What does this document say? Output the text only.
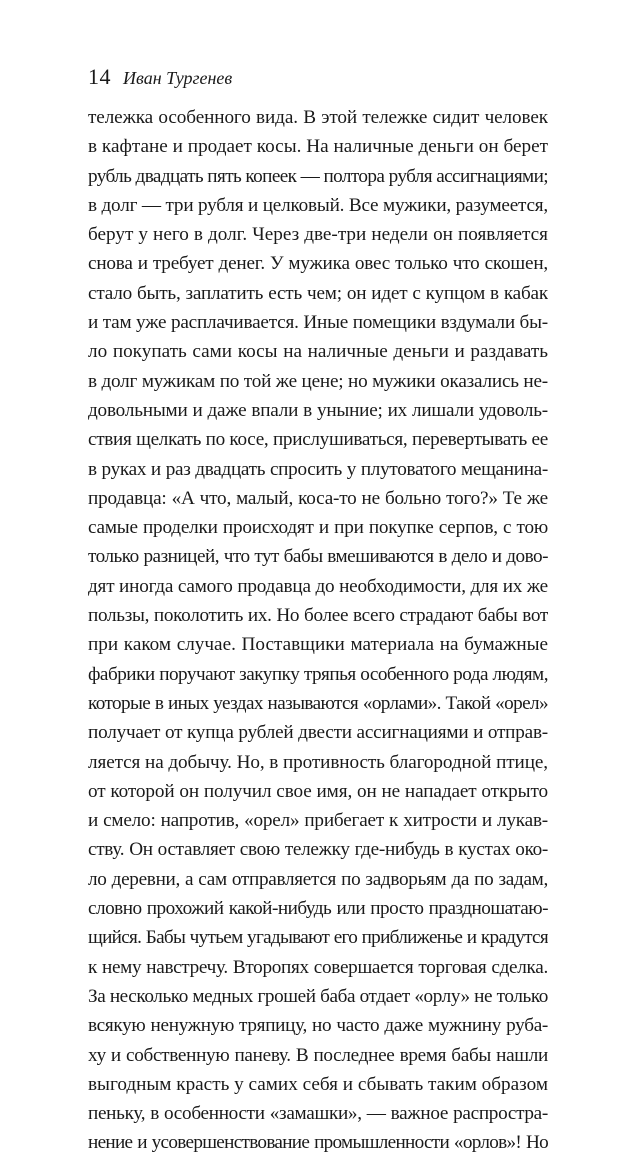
14 Иван Тургенев
тележка особенного вида. В этой тележке сидит человек
в кафтане и продает косы. На наличные деньги он берет
рубль двадцать пять копеек — полтора рубля ассигнациями;
в долг — три рубля и целковый. Все мужики, разумеется,
берут у него в долг. Через две-три недели он появляется
снова и требует денег. У мужика овес только что скошен,
стало быть, заплатить есть чем; он идет с купцом в кабак
и там уже расплачивается. Иные помещики вздумали бы-
ло покупать сами косы на наличные деньги и раздавать
в долг мужикам по той же цене; но мужики оказались не-
довольными и даже впали в уныние; их лишали удоволь-
ствия щелкать по косе, прислушиваться, перевертывать ее
в руках и раз двадцать спросить у плутоватого мещанина-
продавца: «А что, малый, коса-то не больно того?» Те же
самые проделки происходят и при покупке серпов, с тою
только разницей, что тут бабы вмешиваются в дело и дово-
дят иногда самого продавца до необходимости, для их же
пользы, поколотить их. Но более всего страдают бабы вот
при каком случае. Поставщики материала на бумажные
фабрики поручают закупку тряпья особенного рода людям,
которые в иных уездах называются «орлами». Такой «орел»
получает от купца рублей двести ассигнациями и отправ-
ляется на добычу. Но, в противность благородной птице,
от которой он получил свое имя, он не нападает открыто
и смело: напротив, «орел» прибегает к хитрости и лукав-
ству. Он оставляет свою тележку где-нибудь в кустах око-
ло деревни, а сам отправляется по задворьям да по задам,
словно прохожий какой-нибудь или просто праздношатаю-
щийся. Бабы чутьем угадывают его приближенье и крадутся
к нему навстречу. Второпях совершается торговая сделка.
За несколько медных грошей баба отдает «орлу» не только
всякую ненужную тряпицу, но часто даже мужнину руба-
ху и собственную паневу. В последнее время бабы нашли
выгодным красть у самих себя и сбывать таким образом
пеньку, в особенности «замашки», — важное распростра-
нение и усовершенствование промышленности «орлов»! Но
